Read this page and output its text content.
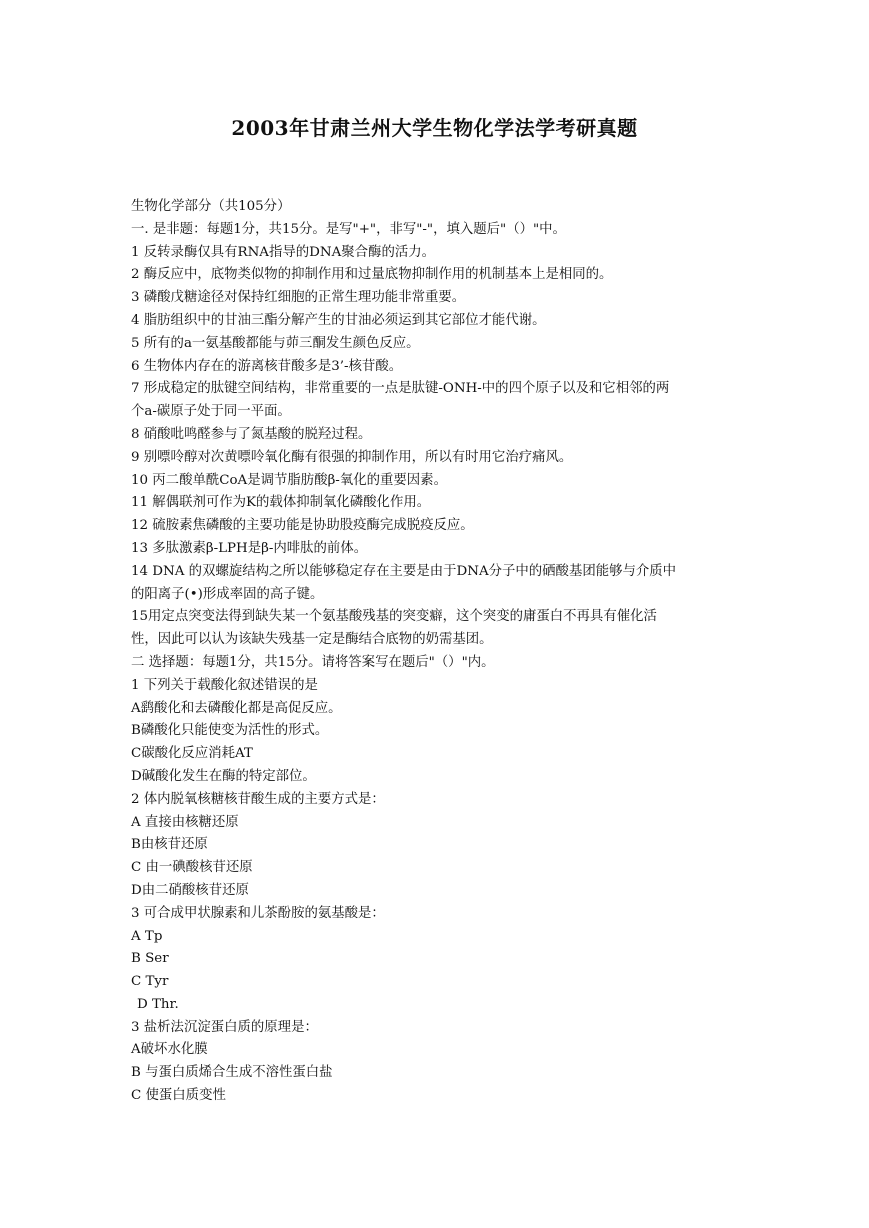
2003年甘肃兰州大学生物化学法学考研真题
生物化学部分（共105分）
一. 是非题：每题1分，共15分。是写"+"，非写"-"，填入题后"（）"中。
1 反转录酶仅具有RNA指导的DNA聚合酶的活力。
2 酶反应中，底物类似物的抑制作用和过量底物抑制作用的机制基本上是相同的。
3 磷酸戊糖途径对保持红细胞的正常生理功能非常重要。
4 脂肪组织中的甘油三酯分解产生的甘油必须运到其它部位才能代谢。
5 所有的a一氨基酸都能与茆三酮发生颜色反应。
6 生物体内存在的游离核苷酸多是3’-核苷酸。
7 形成稳定的肽键空间结构，非常重要的一点是肽键-ONH-中的四个原子以及和它相邻的两
个a-碳原子处于同一平面。
8 硝酸吡鸣醛参与了氮基酸的脱羟过程。
9 别嘌呤醇对次黄嘌呤氧化酶有很强的抑制作用，所以有时用它治疗痛风。
10 丙二酸单酰CoA是调节脂肪酸β-氧化的重要因素。
11 解偶联剂可作为K的载体抑制氧化磷酸化作用。
12 硫胺素焦磷酸的主要功能是协助股疫酶完成脱疫反应。
13 多肽激素β-LPH是β-内啡肽的前体。
14 DNA 的双螺旋结构之所以能够稳定存在主要是由于DNA分子中的硒酸基团能够与介质中
的阳离子(•)形成率固的高子键。
15用定点突变法得到缺失某一个氨基酸残基的突变癖，这个突变的庸蛋白不再具有催化活
性，因此可以认为该缺失残基一定是酶结合底物的奶需基团。
二 选择题：每题1分，共15分。请将答案写在题后"（）"内。
1 下列关于载酸化叙述错误的是
A鹞酸化和去磷酸化都是高促反应。
B磷酸化只能使变为活性的形式。
C碳酸化反应消耗AT
D碱酸化发生在酶的特定部位。
2 体内脱氧核糖核苷酸生成的主要方式是：
A 直接由核糖还原
B由核苷还原
C 由一碘酸核苷还原
D由二硝酸核苷还原
3 可合成甲状腺素和儿茶酚胺的氨基酸是：
A Tp
B Ser
C Tyr
D Thr.
3 盐析法沉淀蛋白质的原理是：
A破坏水化膜
B 与蛋白质烯合生成不溶性蛋白盐
C 使蛋白质变性
